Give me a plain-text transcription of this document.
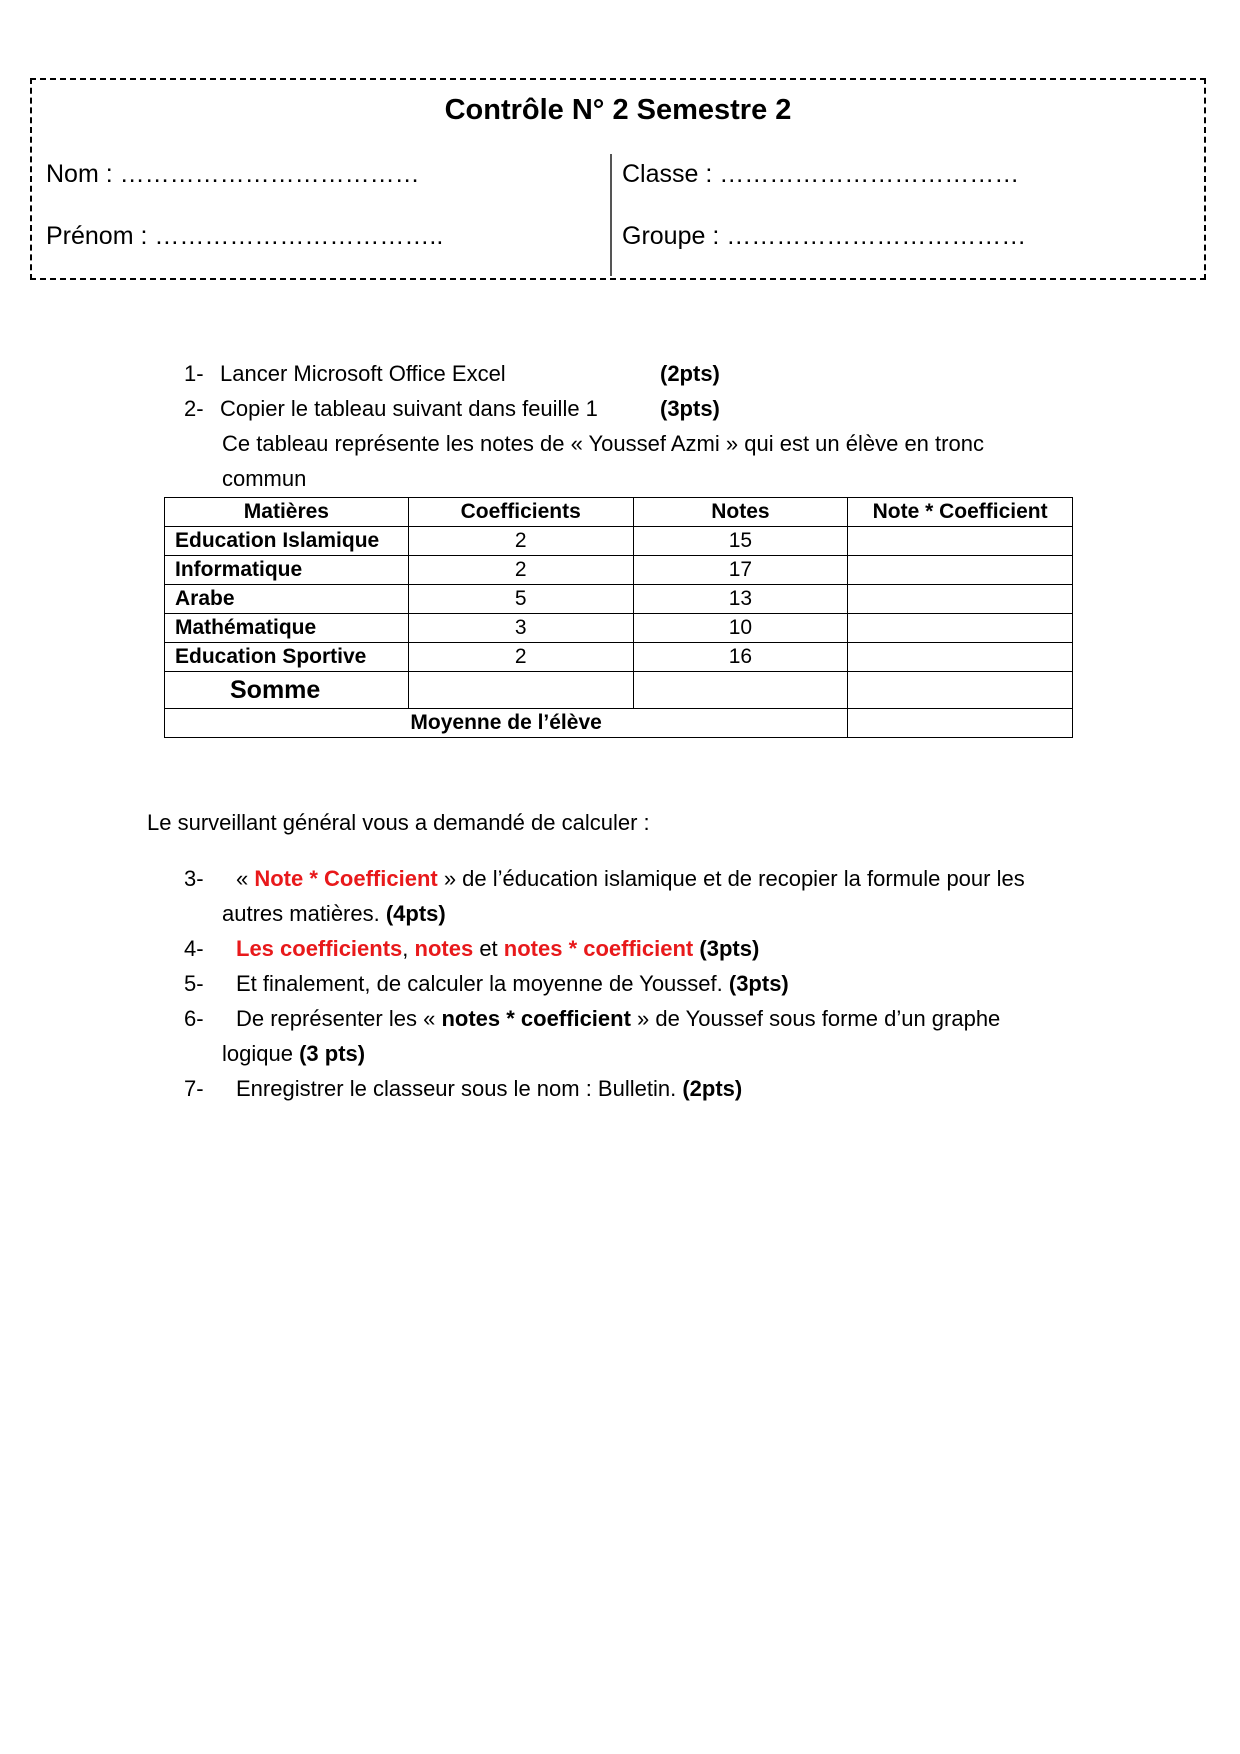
Contrôle N° 2 Semestre 2
Nom : ………………………………
Prénom : ……………………………..
Classe : ………………………………
Groupe : ………………………………
1- Lancer Microsoft Office Excel	(2pts)
2- Copier le tableau suivant dans feuille 1	(3pts)
Ce tableau représente les notes de « Youssef Azmi » qui est un élève en tronc
commun
Matières	Coefficients	Notes	Note * Coefficient
Education Islamique	2	15	
Informatique	2	17	
Arabe	5	13	
Mathématique	3	10	
Education Sportive	2	16	
Somme			
Moyenne de l’élève			
Le surveillant général vous a demandé de calculer :
3- « Note * Coefficient » de l’éducation islamique et de recopier la formule pour les
autres matières. (4pts)
4- Les coefficients, notes et notes * coefficient (3pts)
5- Et finalement, de calculer la moyenne de Youssef. (3pts)
6- De représenter les « notes * coefficient » de Youssef sous forme d’un graphe
logique (3 pts)
7- Enregistrer le classeur sous le nom : Bulletin. (2pts)
